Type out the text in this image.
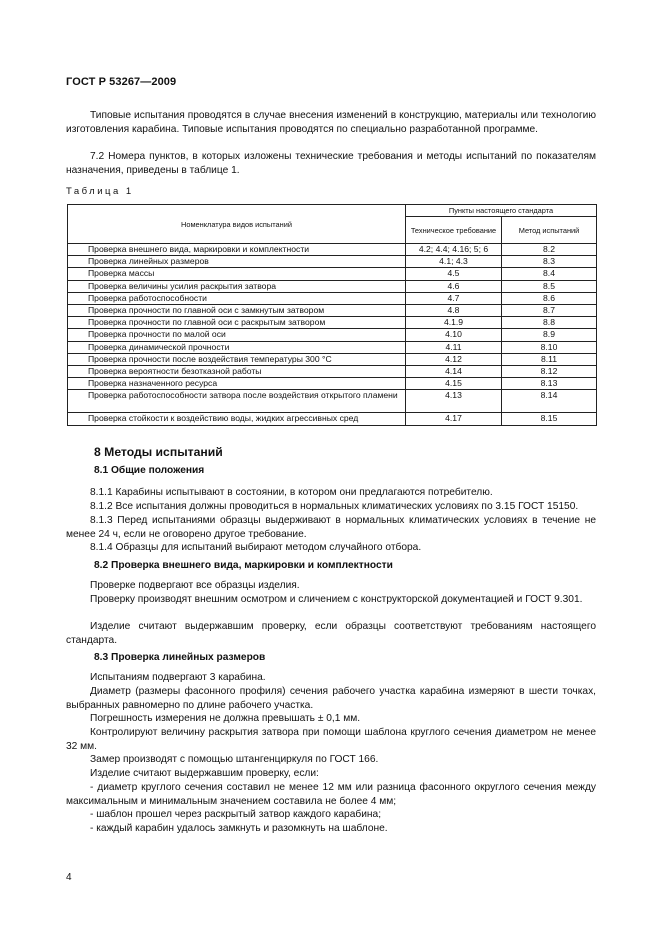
ГОСТ Р 53267—2009

Типовые испытания проводятся в случае внесения изменений в конструкцию, материалы или технологию изготовления карабина. Типовые испытания проводятся по специально разработанной программе.

7.2 Номера пунктов, в которых изложены технические требования и методы испытаний по показателям назначения, приведены в таблице 1.

Таблица 1
Номенклатура видов испытаний	Пункты настоящего стандарта	
	Техническое требование	Метод испытаний
Проверка внешнего вида, маркировки и комплектности	4.2; 4.4; 4.16; 5; 6	8.2
Проверка линейных размеров	4.1; 4.3	8.3
Проверка массы	4.5	8.4
Проверка величины усилия раскрытия затвора	4.6	8.5
Проверка работоспособности	4.7	8.6
Проверка прочности по главной оси с замкнутым затвором	4.8	8.7
Проверка прочности по главной оси с раскрытым затвором	4.1.9	8.8
Проверка прочности по малой оси	4.10	8.9
Проверка динамической прочности	4.11	8.10
Проверка прочности после воздействия температуры 300 °С	4.12	8.11
Проверка вероятности безотказной работы	4.14	8.12
Проверка назначенного ресурса	4.15	8.13
Проверка работоспособности затвора после воздействия открытого пламени	4.13	8.14
Проверка стойкости к воздействию воды, жидких агрессивных сред	4.17	8.15
8 Методы испытаний
8.1 Общие положения

8.1.1 Карабины испытывают в состоянии, в котором они предлагаются потребителю.

8.1.2 Все испытания должны проводиться в нормальных климатических условиях по 3.15 ГОСТ 15150.

8.1.3 Перед испытаниями образцы выдерживают в нормальных климатических условиях в течение не менее 24 ч, если не оговорено другое требование.

8.1.4 Образцы для испытаний выбирают методом случайного отбора.

8.2 Проверка внешнего вида, маркировки и комплектности

Проверке подвергают все образцы изделия.

Проверку производят внешним осмотром и сличением с конструкторской документацией и ГОСТ 9.301.

Изделие считают выдержавшим проверку, если образцы соответствуют требованиям настоящего стандарта.

8.3 Проверка линейных размеров

Испытаниям подвергают 3 карабина.

Диаметр (размеры фасонного профиля) сечения рабочего участка карабина измеряют в шести точках, выбранных равномерно по длине рабочего участка.

Погрешность измерения не должна превышать ± 0,1 мм.

Контролируют величину раскрытия затвора при помощи шаблона круглого сечения диаметром не менее 32 мм.

Замер производят с помощью штангенциркуля по ГОСТ 166.

Изделие считают выдержавшим проверку, если:

- диаметр круглого сечения составил не менее 12 мм или разница фасонного округлого сечения между максимальным и минимальным значением составила не более 4 мм;

- шаблон прошел через раскрытый затвор каждого карабина;

- каждый карабин удалось замкнуть и разомкнуть на шаблоне.

4
